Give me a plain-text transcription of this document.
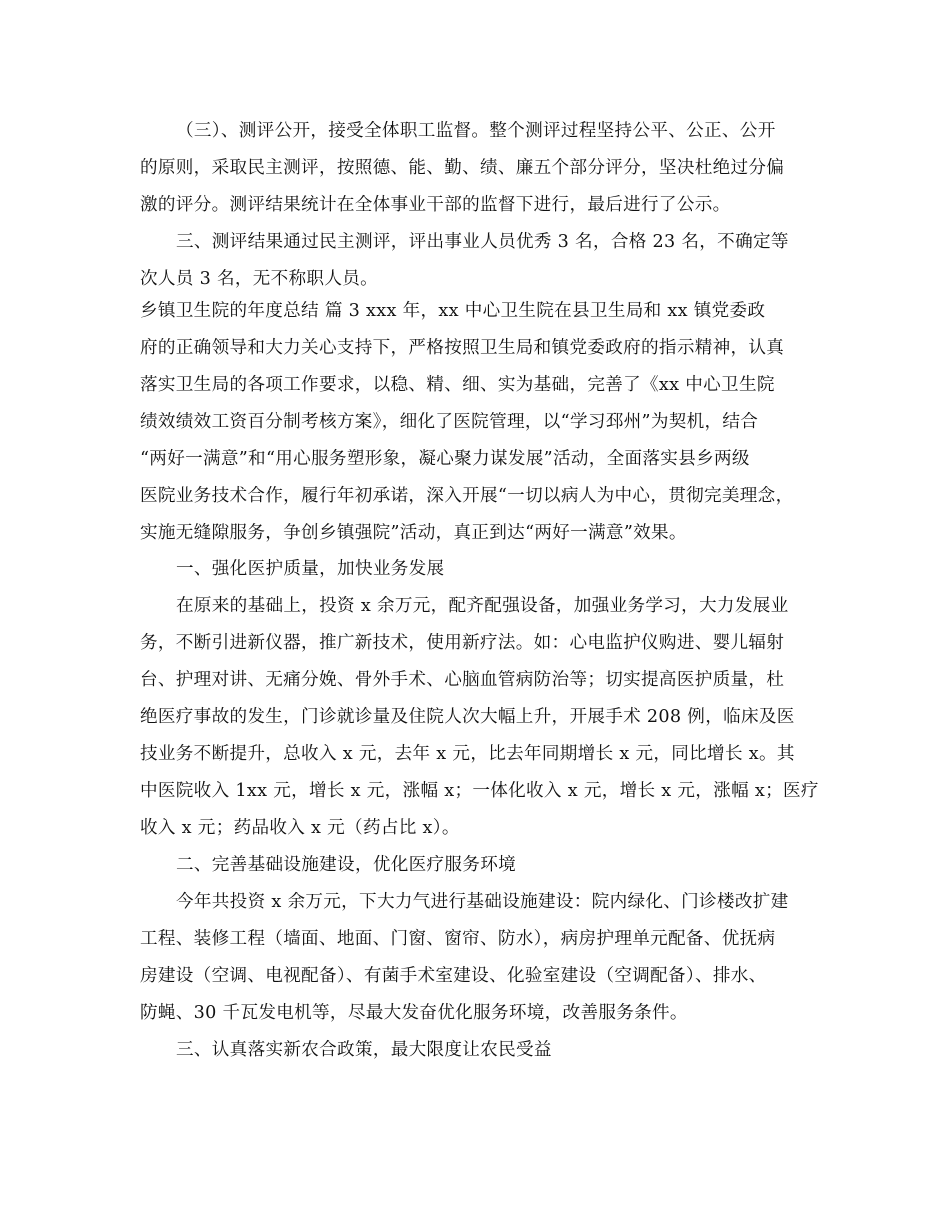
（三）、测评公开，接受全体职工监督。整个测评过程坚持公平、公正、公开
的原则，采取民主测评，按照德、能、勤、绩、廉五个部分评分，坚决杜绝过分偏
激的评分。测评结果统计在全体事业干部的监督下进行，最后进行了公示。
三、测评结果通过民主测评，评出事业人员优秀 3 名，合格 23 名，不确定等
次人员 3 名，无不称职人员。
乡镇卫生院的年度总结 篇 3 xxx 年，xx 中心卫生院在县卫生局和 xx 镇党委政
府的正确领导和大力关心支持下，严格按照卫生局和镇党委政府的指示精神，认真
落实卫生局的各项工作要求，以稳、精、细、实为基础，完善了《xx 中心卫生院
绩效绩效工资百分制考核方案》，细化了医院管理，以“学习邳州”为契机，结合
“两好一满意”和“用心服务塑形象，凝心聚力谋发展”活动，全面落实县乡两级
医院业务技术合作，履行年初承诺，深入开展“一切以病人为中心，贯彻完美理念，
实施无缝隙服务，争创乡镇强院”活动，真正到达“两好一满意”效果。
一、强化医护质量，加快业务发展
在原来的基础上，投资 x 余万元，配齐配强设备，加强业务学习，大力发展业
务，不断引进新仪器，推广新技术，使用新疗法。如：心电监护仪购进、婴儿辐射
台、护理对讲、无痛分娩、骨外手术、心脑血管病防治等；切实提高医护质量，杜
绝医疗事故的发生，门诊就诊量及住院人次大幅上升，开展手术 208 例，临床及医
技业务不断提升，总收入 x 元，去年 x 元，比去年同期增长 x 元，同比增长 x。其
中医院收入 1xx 元，增长 x 元，涨幅 x；一体化收入 x 元，增长 x 元，涨幅 x；医疗
收入 x 元；药品收入 x 元（药占比 x）。
二、完善基础设施建设，优化医疗服务环境
今年共投资 x 余万元，下大力气进行基础设施建设：院内绿化、门诊楼改扩建
工程、装修工程（墙面、地面、门窗、窗帘、防水），病房护理单元配备、优抚病
房建设（空调、电视配备）、有菌手术室建设、化验室建设（空调配备）、排水、
防蝇、30 千瓦发电机等，尽最大发奋优化服务环境，改善服务条件。
三、认真落实新农合政策，最大限度让农民受益
